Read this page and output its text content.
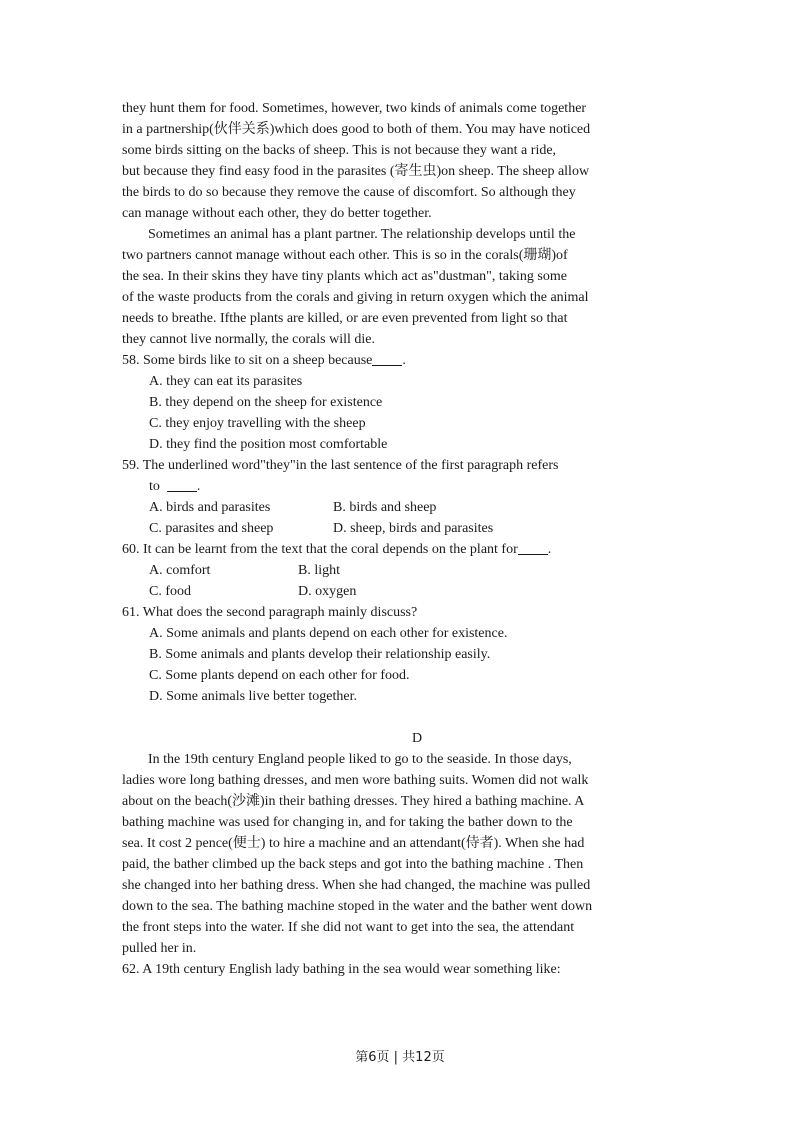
they hunt them for food. Sometimes, however, two kinds of animals come together
in a partnership(伙伴关系)which does good to both of them. You may have noticed
some birds sitting on the backs of sheep. This is not because they want a ride,
but because they find easy food in the parasites (寄生虫)on sheep. The sheep allow
the birds to do so because they remove the cause of discomfort. So although they
can manage without each other, they do better together.
Sometimes an animal has a plant partner. The relationship develops until the
two partners cannot manage without each other. This is so in the corals(珊瑚)of
the sea. In their skins they have tiny plants which act as"dustman", taking some
of the waste products from the corals and giving in return oxygen which the animal
needs to breathe. Ifthe plants are killed, or are even prevented from light so that
they cannot live normally, the corals will die.
58. Some birds like to sit on a sheep because .
A. they can eat its parasites
B. they depend on the sheep for existence
C. they enjoy travelling with the sheep
D. they find the position most comfortable
59. The underlined word"they"in the last sentence of the first paragraph refers
to	.
A. birds and parasites	B. birds and sheep
C. parasites and sheep	D. sheep, birds and parasites
60. It can be learnt from the text that the coral depends on the plant for .
A. comfort	B. light
C. food	D. oxygen
61. What does the second paragraph mainly discuss?
A. Some animals and plants depend on each other for existence.
B. Some animals and plants develop their relationship easily.
C. Some plants depend on each other for food.
D. Some animals live better together.
D
In the 19th century England people liked to go to the seaside. In those days,
ladies wore long bathing dresses, and men wore bathing suits. Women did not walk
about on the beach(沙滩)in their bathing dresses. They hired a bathing machine. A
bathing machine was used for changing in, and for taking the bather down to the
sea. It cost 2 pence(便士) to hire a machine and an attendant(侍者). When she had
paid, the bather climbed up the back steps and got into the bathing machine . Then
she changed into her bathing dress. When she had changed, the machine was pulled
down to the sea. The bathing machine stoped in the water and the bather went down
the front steps into the water. If she did not want to get into the sea, the attendant
pulled her in.
62. A 19th century English lady bathing in the sea would wear something like:
第6页 | 共12页
